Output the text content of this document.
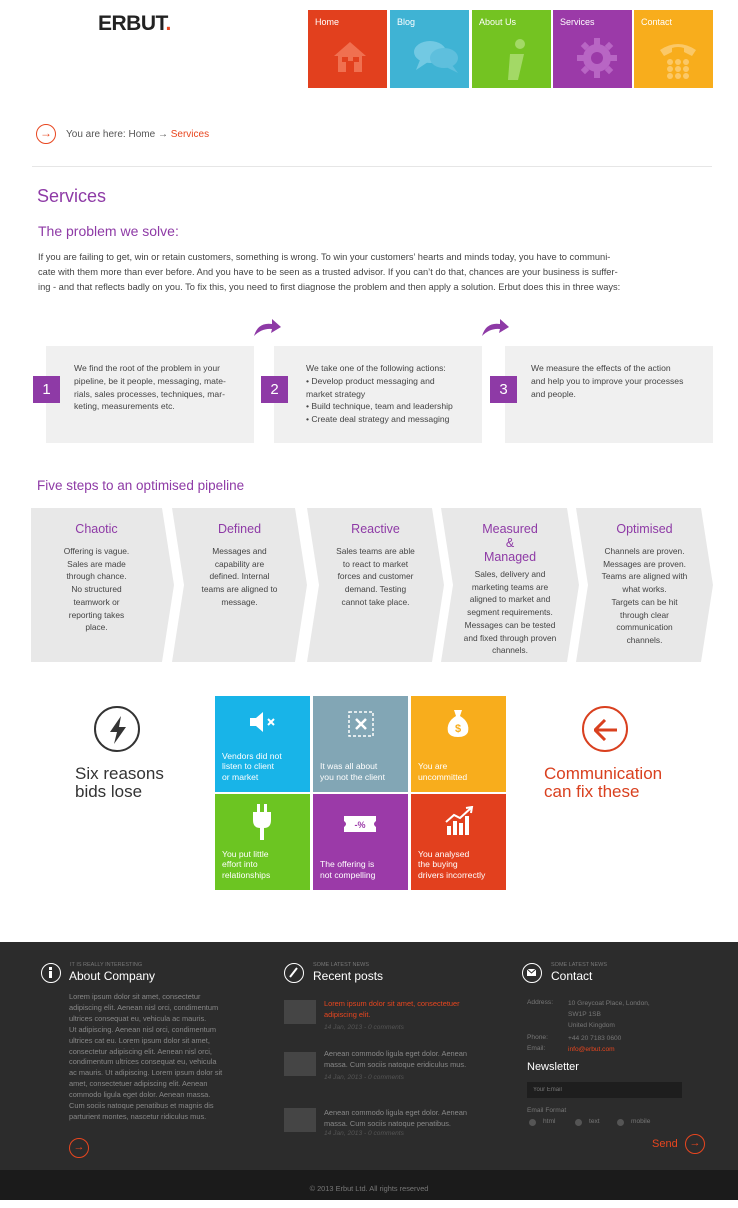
ERBUT.	Home	Blog	About Us	Services	Contact
→	You are here: Home → Services
Services
The problem we solve:
If you are failing to get, win or retain customers, something is wrong. To win your customers’ hearts and minds today, you have to communi-
cate with them more than ever before. And you have to be seen as a trusted advisor. If you can’t do that, chances are your business is suffer-
ing - and that reflects badly on you. To fix this, you need to first diagnose the problem and then apply a solution. Erbut does this in three ways:
We find the root of the problem in your
pipeline, be it people, messaging, mate-
rials, sales processes, techniques, mar-
keting, measurements etc.
1
We take one of the following actions:
• Develop product messaging and
market strategy
• Build technique, team and leadership
• Create deal strategy and messaging
2
We measure the effects of the action
and help you to improve your processes
and people.
3
Five steps to an optimised pipeline
Chaotic
Offering is vague.
Sales are made
through chance.
No structured
teamwork or
reporting takes
place.
Defined
Messages and
capability are
defined. Internal
teams are aligned to
message.
Reactive
Sales teams are able
to react to market
forces and customer
demand. Testing
cannot take place.
Measured
&
Managed
Sales, delivery and
marketing teams are
aligned to market and
segment requirements.
Messages can be tested
and fixed through proven
channels.
Optimised
Channels are proven.
Messages are proven.
Teams are aligned with
what works.
Targets can be hit
through clear
communication
channels.
Six reasons
bids lose
Communication
can fix these
Vendors did not
listen to client
or market
It was all about
you not the client
$
You are
uncommitted
You put little
effort into
relationships
-%
The offering is
not compelling
You analysed
the buying
drivers incorrectly
IT IS REALLY INTERESTING
About Company
Lorem ipsum dolor sit amet, consectetur
adipiscing elit. Aenean nisl orci, condimentum
ultrices consequat eu, vehicula ac mauris.
Ut adipiscing. Aenean nisl orci, condimentum
ultrices cat eu. Lorem ipsum dolor sit amet,
consectetur adipiscing elit. Aenean nisl orci,
condimentum ultrices consequat eu, vehicula
ac mauris. Ut adipiscing. Lorem ipsum dolor sit
amet, consectetuer adipiscing elit. Aenean
commodo ligula eget dolor. Aenean massa.
Cum sociis natoque penatibus et magnis dis
parturient montes, nascetur ridiculus mus.
→
SOME LATEST NEWS
Recent posts
Lorem ipsum dolor sit amet, consectetuer
adipiscing elit.
14 Jan, 2013 - 0 comments
Aenean commodo ligula eget dolor. Aenean
massa. Cum sociis natoque eridiculus mus.
14 Jan, 2013 - 0 comments
Aenean commodo ligula eget dolor. Aenean
massa. Cum sociis natoque penatibus.
14 Jan, 2013 - 0 comments
SOME LATEST NEWS
Contact
Address: 10 Greycoat Place, London,
SW1P 1SB
United Kingdom
Phone:	+44 20 7183 0600
Email:	info@erbut.com
Newsletter
Your Email
Email Format
html	text	mobile
Send	→
© 2013 Erbut Ltd. All rights reserved
